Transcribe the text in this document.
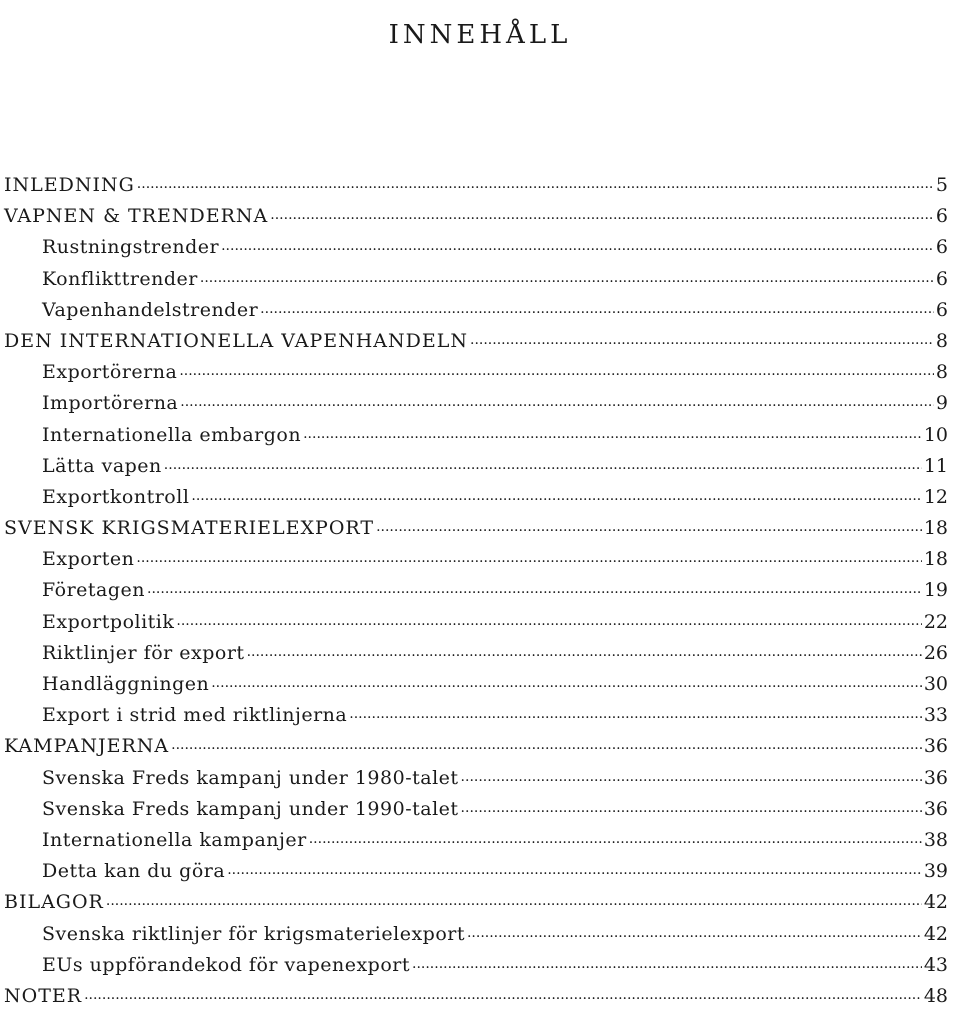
INNEHÅLL
INLEDNING .....	5
VAPNEN & TRENDERNA .....	6
Rustningstrender .....	6
Konflikttrender .....	6
Vapenhandelstrender .....	6
DEN INTERNATIONELLA VAPENHANDELN .....	8
Exportörerna .....	8
Importörerna .....	9
Internationella embargon .....	10
Lätta vapen .....	11
Exportkontroll .....	12
SVENSK KRIGSMATERIELEXPORT .....	18
Exporten .....	18
Företagen .....	19
Exportpolitik .....	22
Riktlinjer för export .....	26
Handläggningen .....	30
Export i strid med riktlinjerna .....	33
KAMPANJERNA .....	36
Svenska Freds kampanj under 1980-talet .....	36
Svenska Freds kampanj under 1990-talet .....	36
Internationella kampanjer .....	38
Detta kan du göra .....	39
BILAGOR .....	42
Svenska riktlinjer för krigsmaterielexport .....	42
EUs uppförandekod för vapenexport .....	43
NOTER .....	48
